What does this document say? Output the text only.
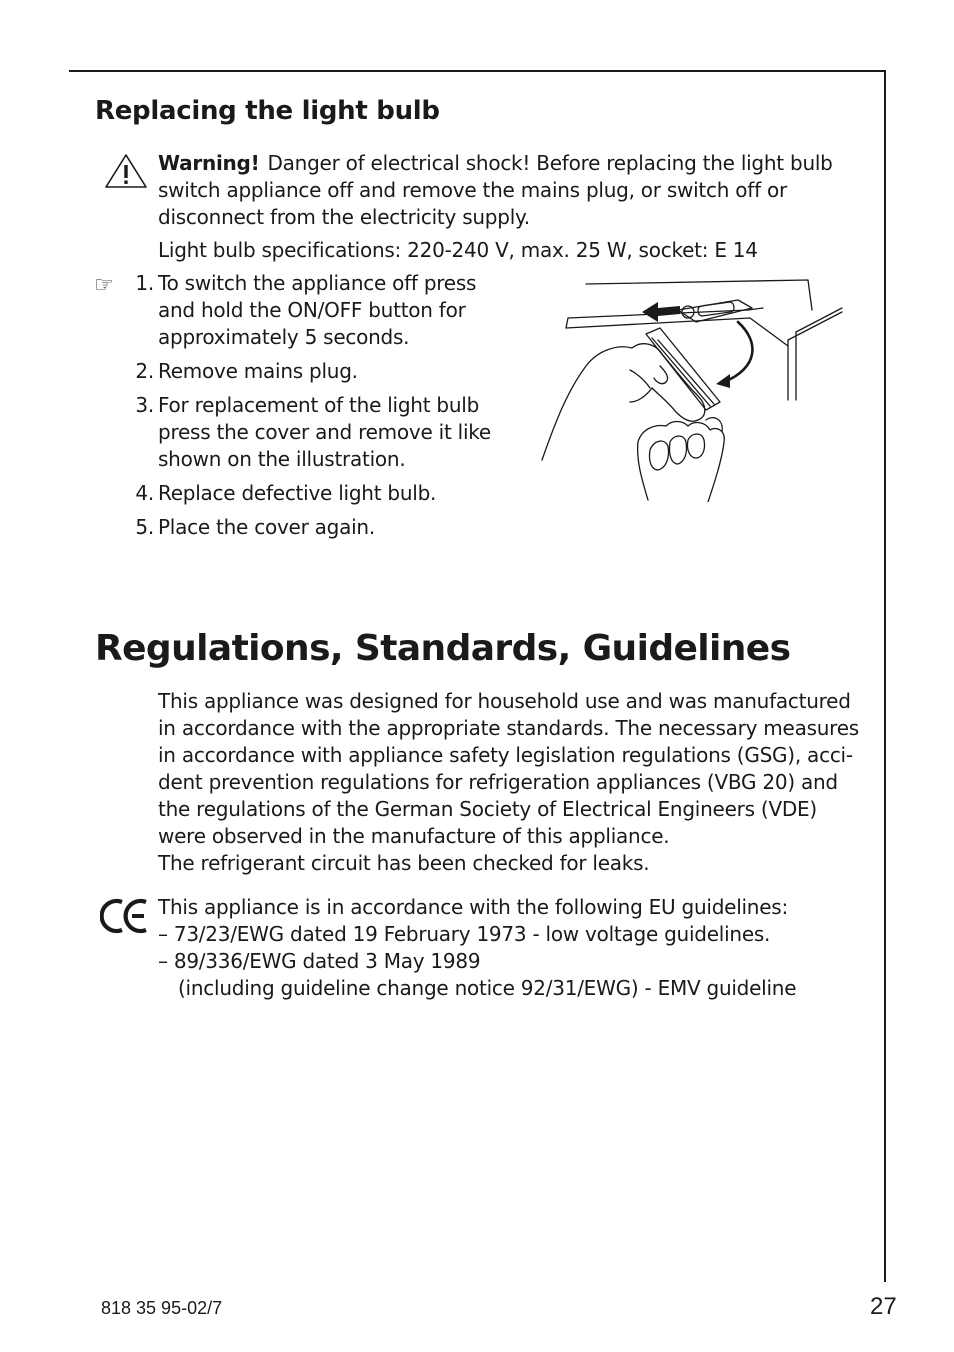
Replacing the light bulb
Warning! Danger of electrical shock! Before replacing the light bulb switch appliance off and remove the mains plug, or switch off or disconnect from the electricity supply.
Light bulb specifications: 220-240 V, max. 25 W, socket: E 14
☞	1. To switch the appliance off press and hold the ON/OFF button for approximately 5 seconds.
2. Remove mains plug.
3. For replacement of the light bulb press the cover and remove it like shown on the illustration.
4. Replace defective light bulb.
5. Place the cover again.
Regulations, Standards, Guidelines
This appliance was designed for household use and was manufactured in accordance with the appropriate standards. The necessary measures in accordance with appliance safety legislation regulations (GSG), acci-dent prevention regulations for refrigeration appliances (VBG 20) and the regulations of the German Society of Electrical Engineers (VDE) were observed in the manufacture of this appliance.
The refrigerant circuit has been checked for leaks.
This appliance is in accordance with the following EU guidelines:
– 73/23/EWG dated 19 February 1973 - low voltage guidelines.
– 89/336/EWG dated 3 May 1989
(including guideline change notice 92/31/EWG) - EMV guideline
818 35 95-02/7	27
